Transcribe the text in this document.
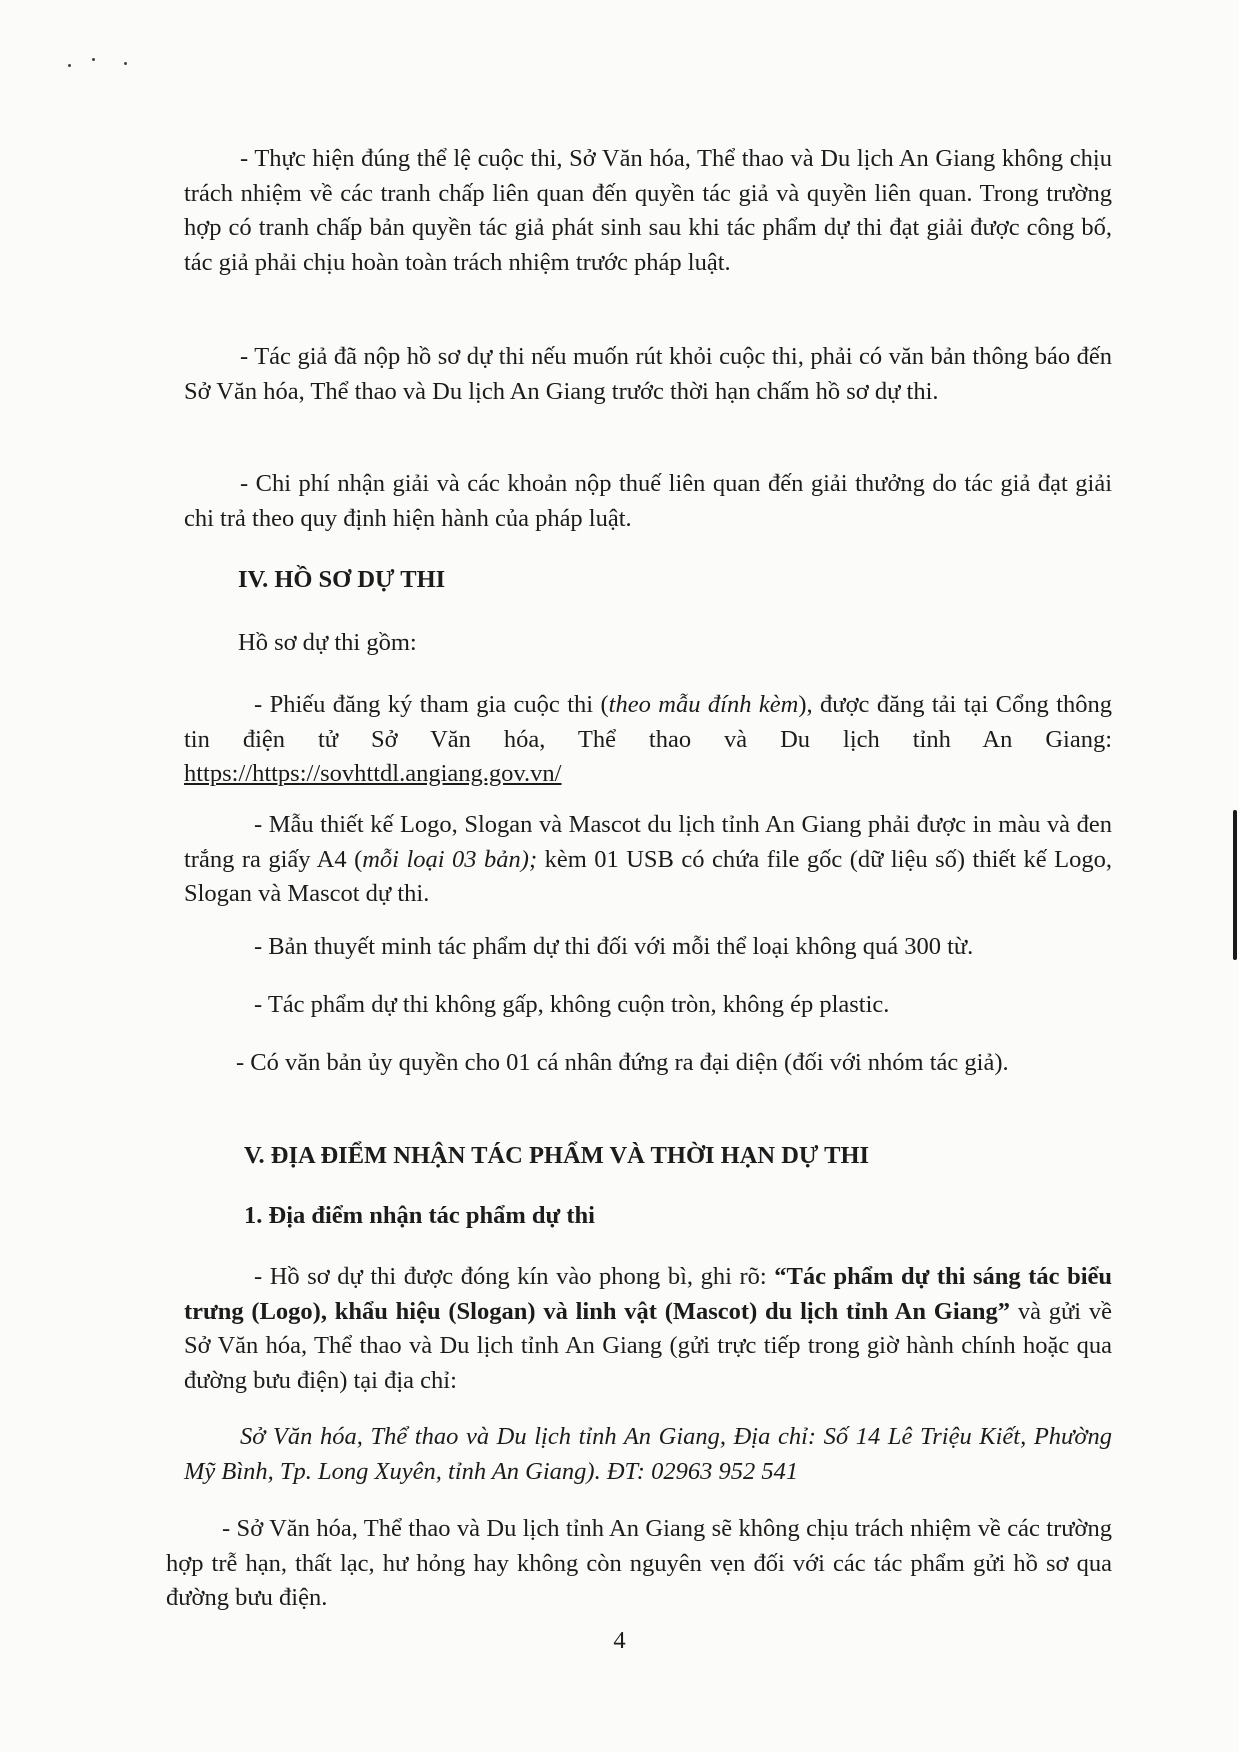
- Thực hiện đúng thể lệ cuộc thi, Sở Văn hóa, Thể thao và Du lịch An Giang không chịu trách nhiệm về các tranh chấp liên quan đến quyền tác giả và quyền liên quan. Trong trường hợp có tranh chấp bản quyền tác giả phát sinh sau khi tác phẩm dự thi đạt giải được công bố, tác giả phải chịu hoàn toàn trách nhiệm trước pháp luật.

- Tác giả đã nộp hồ sơ dự thi nếu muốn rút khỏi cuộc thi, phải có văn bản thông báo đến Sở Văn hóa, Thể thao và Du lịch An Giang trước thời hạn chấm hồ sơ dự thi.

- Chi phí nhận giải và các khoản nộp thuế liên quan đến giải thưởng do tác giả đạt giải chi trả theo quy định hiện hành của pháp luật.

IV. HỒ SƠ DỰ THI
Hồ sơ dự thi gồm:

- Phiếu đăng ký tham gia cuộc thi (theo mẫu đính kèm), được đăng tải tại Cổng thông tin điện tử Sở Văn hóa, Thể thao và Du lịch tỉnh An Giang: https://https://sovhttdl.angiang.gov.vn/

- Mẫu thiết kế Logo, Slogan và Mascot du lịch tỉnh An Giang phải được in màu và đen trắng ra giấy A4 (mỗi loại 03 bản); kèm 01 USB có chứa file gốc (dữ liệu số) thiết kế Logo, Slogan và Mascot dự thi.

- Bản thuyết minh tác phẩm dự thi đối với mỗi thể loại không quá 300 từ.

- Tác phẩm dự thi không gấp, không cuộn tròn, không ép plastic.

- Có văn bản ủy quyền cho 01 cá nhân đứng ra đại diện (đối với nhóm tác giả).

V. ĐỊA ĐIỂM NHẬN TÁC PHẨM VÀ THỜI HẠN DỰ THI
1. Địa điểm nhận tác phẩm dự thi

- Hồ sơ dự thi được đóng kín vào phong bì, ghi rõ: “Tác phẩm dự thi sáng tác biểu trưng (Logo), khẩu hiệu (Slogan) và linh vật (Mascot) du lịch tỉnh An Giang” và gửi về Sở Văn hóa, Thể thao và Du lịch tỉnh An Giang (gửi trực tiếp trong giờ hành chính hoặc qua đường bưu điện) tại địa chỉ:

Sở Văn hóa, Thể thao và Du lịch tỉnh An Giang, Địa chỉ: Số 14 Lê Triệu Kiết, Phường Mỹ Bình, Tp. Long Xuyên, tỉnh An Giang). ĐT: 02963 952 541

- Sở Văn hóa, Thể thao và Du lịch tỉnh An Giang sẽ không chịu trách nhiệm về các trường hợp trễ hạn, thất lạc, hư hỏng hay không còn nguyên vẹn đối với các tác phẩm gửi hồ sơ qua đường bưu điện.

4
